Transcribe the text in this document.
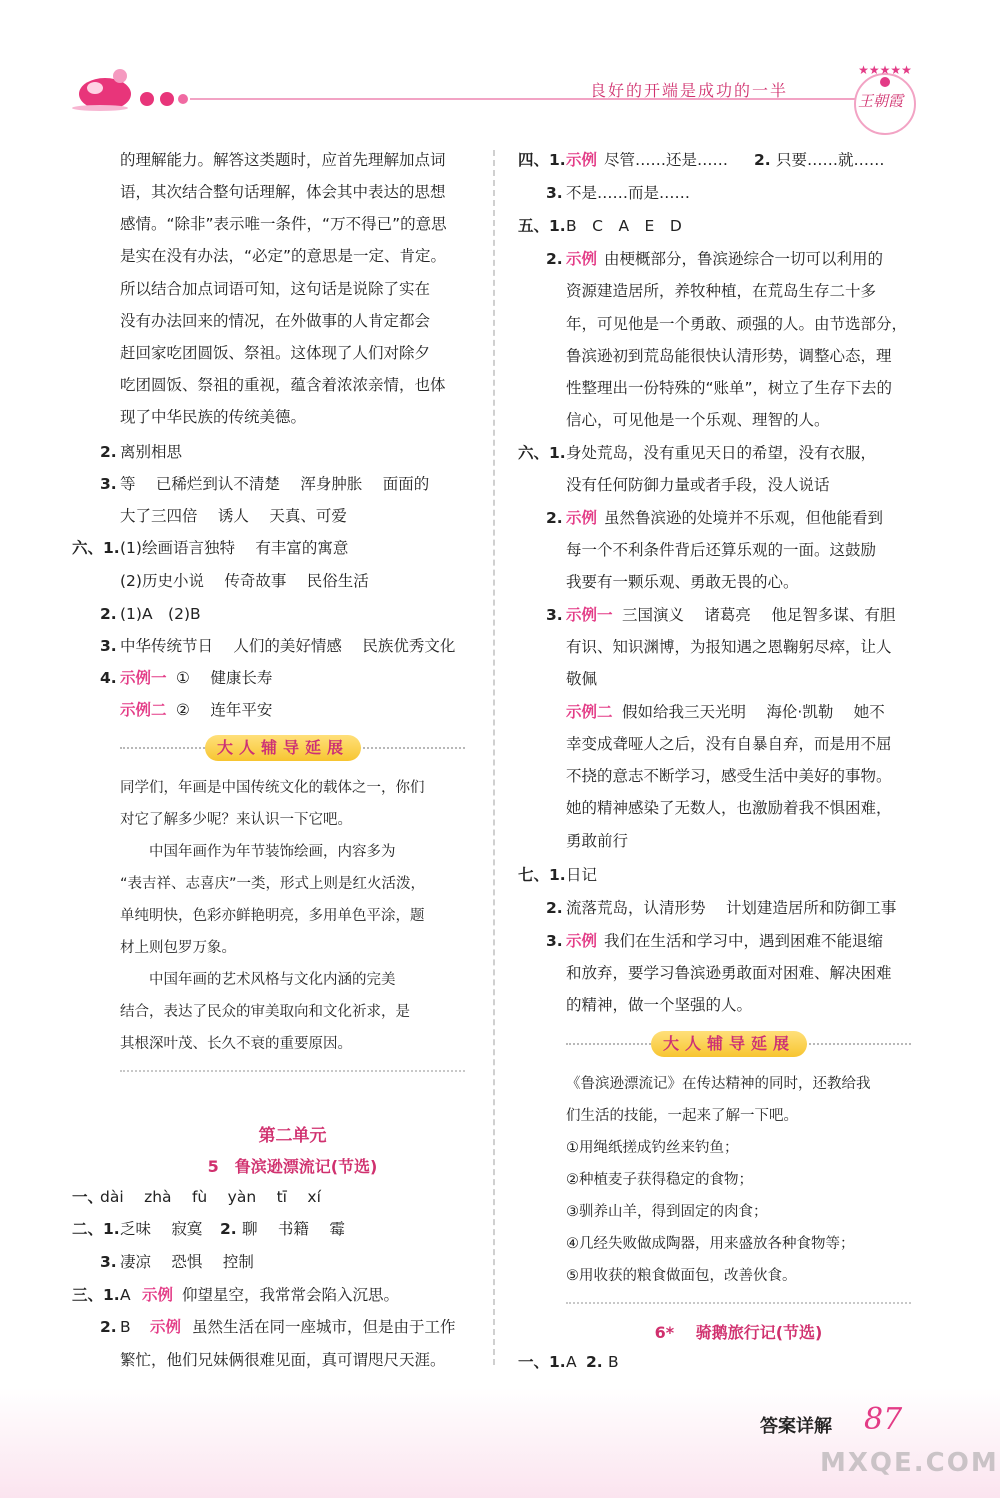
良好的开端是成功的一半
★★★★★
王朝霞
的理解能力。解答这类题时，应首先理解加点词
语，其次结合整句话理解，体会其中表达的思想
感情。“除非”表示唯一条件，“万不得已”的意思
是实在没有办法，“必定”的意思是一定、肯定。
所以结合加点词语可知，这句话是说除了实在
没有办法回来的情况，在外做事的人肯定都会
赶回家吃团圆饭、祭祖。这体现了人们对除夕
吃团圆饭、祭祖的重视，蕴含着浓浓亲情，也体
现了中华民族的传统美德。
2. 离别相思
3. 等　 已稀烂到认不清楚　 浑身肿胀　 面面的
大了三四倍　 诱人　 天真、可爱
六、1. (1)绘画语言独特　 有丰富的寓意
(2)历史小说　 传奇故事　 民俗生活
2. (1)A　(2)B
3. 中华传统节日　 人们的美好情感　 民族优秀文化
4. 示例一 ①　 健康长寿
示例二 ②　 连年平安
大人辅导延展
同学们，年画是中国传统文化的载体之一，你们
对它了解多少呢？来认识一下它吧。
　　中国年画作为年节装饰绘画，内容多为
“表吉祥、志喜庆”一类，形式上则是红火活泼，
单纯明快，色彩亦鲜艳明亮，多用单色平涂，题
材上则包罗万象。
　　中国年画的艺术风格与文化内涵的完美
结合，表达了民众的审美取向和文化祈求，是
其根深叶茂、长久不衰的重要原因。
第二单元
5　鲁滨逊漂流记(节选)
一、
dài　 zhà　 fù　 yàn　 tī　 xí
二、1. 乏味　 寂寞 2. 聊　 书籍　 霉
3. 凄凉　 恐惧　 控制
三、1. A 示例 仰望星空，我常常会陷入沉思。
2. B 示例 虽然生活在同一座城市，但是由于工作
繁忙，他们兄妹俩很难见面，真可谓咫尺天涯。
四、1. 示例 尽管……还是…… 2. 只要……就……
3. 不是……而是……
五、1. B　C　A　E　D
2. 示例 由梗概部分，鲁滨逊综合一切可以利用的
资源建造居所，养牧种植，在荒岛生存二十多
年，可见他是一个勇敢、顽强的人。由节选部分，
鲁滨逊初到荒岛能很快认清形势，调整心态，理
性整理出一份特殊的“账单”，树立了生存下去的
信心，可见他是一个乐观、理智的人。
六、1. 身处荒岛，没有重见天日的希望，没有衣服，
没有任何防御力量或者手段，没人说话
2. 示例 虽然鲁滨逊的处境并不乐观，但他能看到
每一个不利条件背后还算乐观的一面。这鼓励
我要有一颗乐观、勇敢无畏的心。
3. 示例一 三国演义　 诸葛亮　 他足智多谋、有胆
有识、知识渊博，为报知遇之恩鞠躬尽瘁，让人
敬佩
示例二 假如给我三天光明　 海伦·凯勒　 她不
幸变成聋哑人之后，没有自暴自弃，而是用不屈
不挠的意志不断学习，感受生活中美好的事物。
她的精神感染了无数人，也激励着我不惧困难，
勇敢前行
七、1. 日记
2. 流落荒岛，认清形势　 计划建造居所和防御工事
3. 示例 我们在生活和学习中，遇到困难不能退缩
和放弃，要学习鲁滨逊勇敢面对困难、解决困难
的精神，做一个坚强的人。
大人辅导延展
《鲁滨逊漂流记》在传达精神的同时，还教给我
们生活的技能，一起来了解一下吧。
①用绳纸搓成钓丝来钓鱼；
②种植麦子获得稳定的食物；
③驯养山羊，得到固定的肉食；
④几经失败做成陶器，用来盛放各种食物等；
⑤用收获的粮食做面包，改善伙食。
6*　 骑鹅旅行记(节选)
一、1. A 2. B
答案详解 87
MXQE.COM
